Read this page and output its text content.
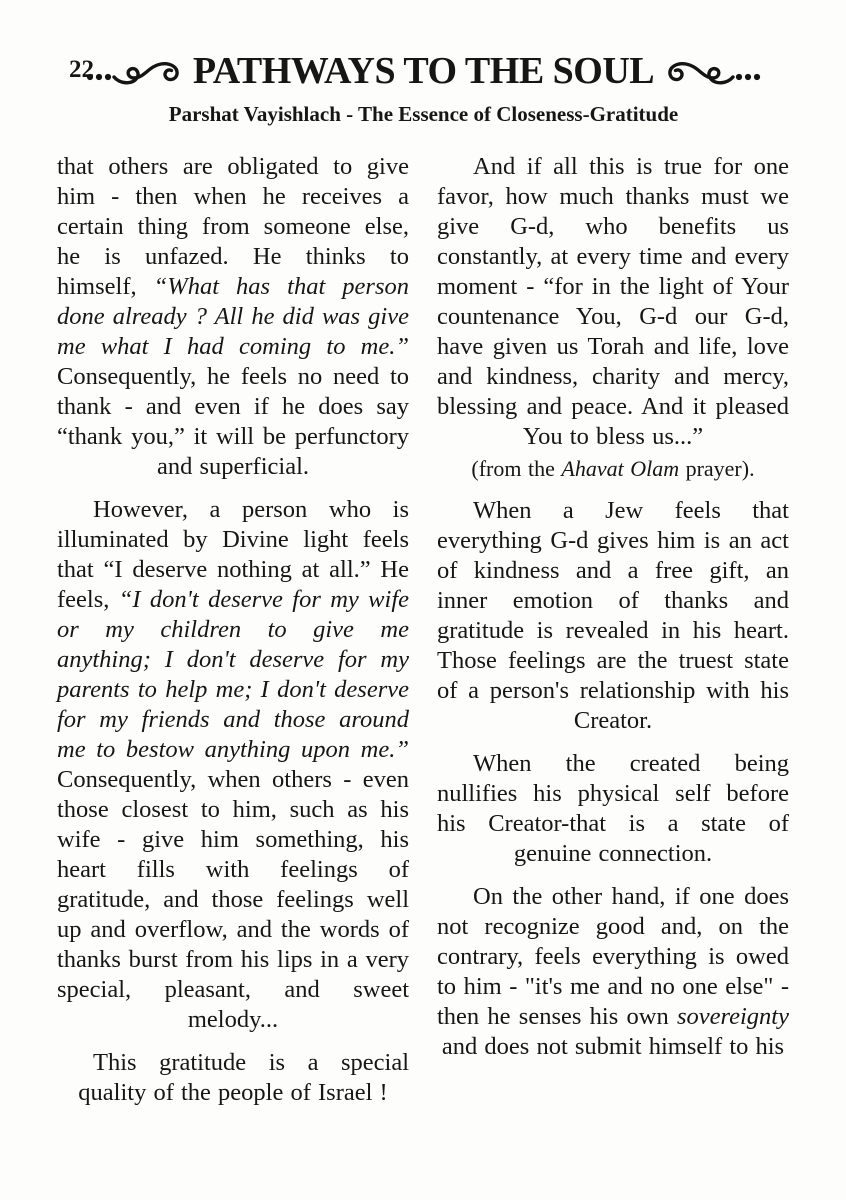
22	PATHWAYS TO THE SOUL
Parshat Vayishlach - The Essence of Closeness-Gratitude

that others are obligated to give him - then when he receives a certain thing from someone else, he is unfazed. He thinks to himself, “What has that person done already ? All he did was give me what I had coming to me.” Consequently, he feels no need to thank - and even if he does say “thank you,” it will be perfunctory and superficial.

However, a person who is illuminated by Divine light feels that “I deserve nothing at all.” He feels, “I don't deserve for my wife or my children to give me anything; I don't deserve for my parents to help me; I don't deserve for my friends and those around me to bestow anything upon me.” Consequently, when others - even those closest to him, such as his wife - give him something, his heart fills with feelings of gratitude, and those feelings well up and overflow, and the words of thanks burst from his lips in a very special, pleasant, and sweet melody...

This gratitude is a special quality of the people of Israel !

And if all this is true for one favor, how much thanks must we give G-d, who benefits us constantly, at every time and every moment - “for in the light of Your countenance You, G-d our G-d, have given us Torah and life, love and kindness, charity and mercy, blessing and peace. And it pleased You to bless us...”

(from the Ahavat Olam prayer).

When a Jew feels that everything G-d gives him is an act of kindness and a free gift, an inner emotion of thanks and gratitude is revealed in his heart. Those feelings are the truest state of a person's relationship with his Creator.

When the created being nullifies his physical self before his Creator-that is a state of genuine connection.

On the other hand, if one does not recognize good and, on the contrary, feels everything is owed to him - "it's me and no one else" - then he senses his own sovereignty and does not submit himself to his
